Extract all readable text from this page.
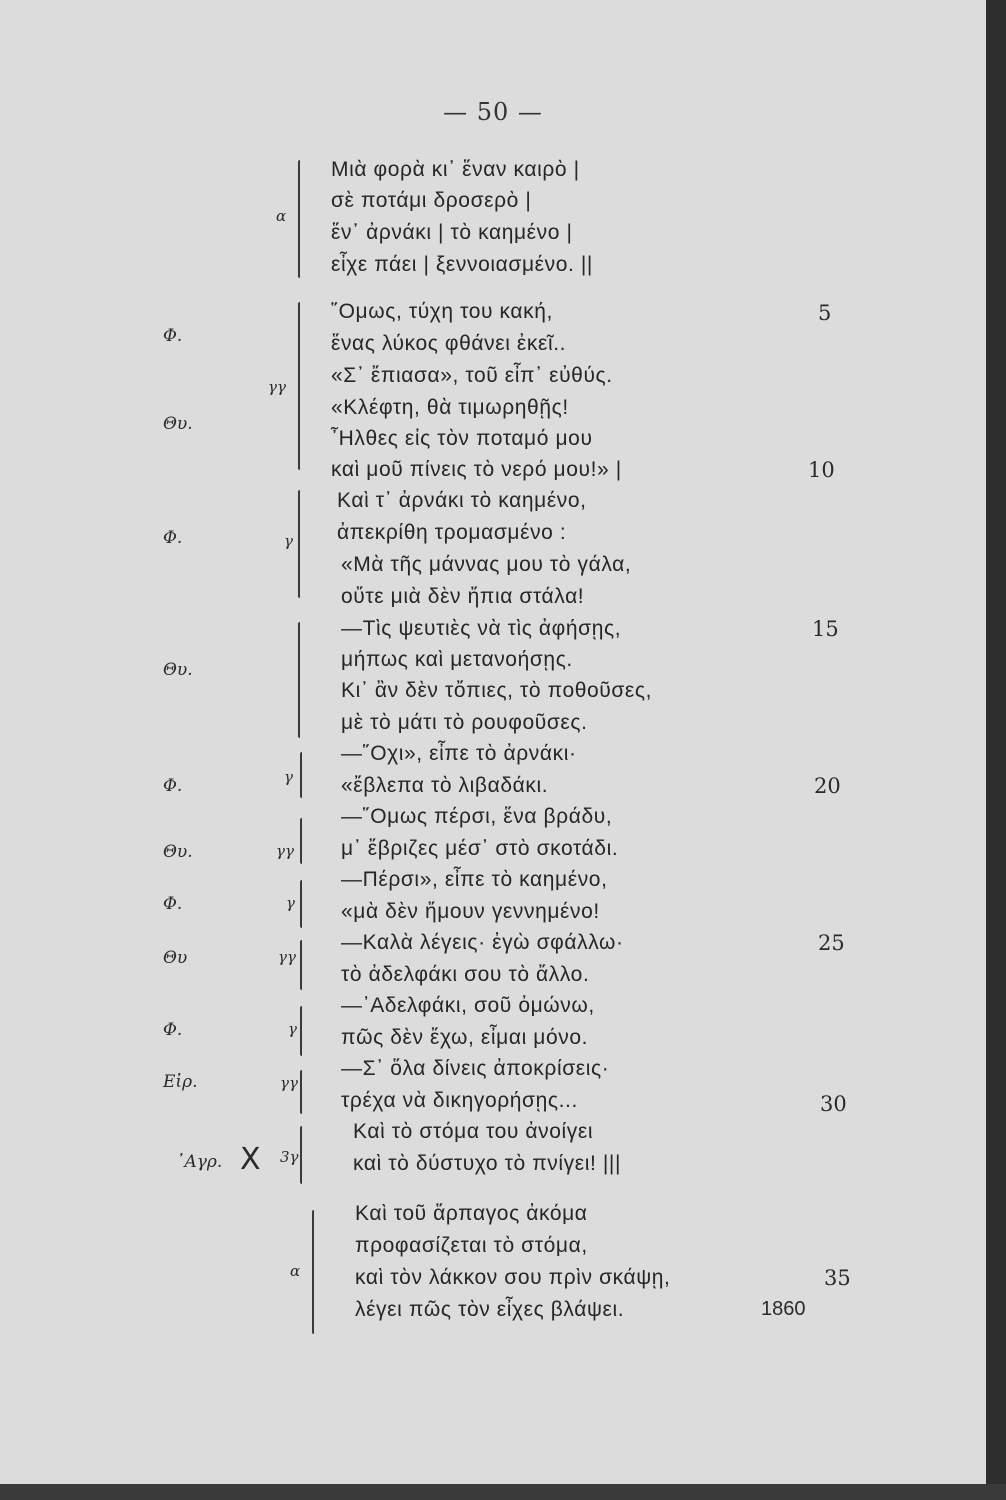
— 50 —
Μιὰ φορὰ κι᾽ ἕναν καιρὸ |
σὲ ποτάμι δροσερὸ |
ἕν᾽ ἀρνάκι | τὸ καημένο |
εἶχε πάει | ξεννοιασμένο. ||
῞Ομως, τύχη του κακή,
ἕνας λύκος φθάνει ἐκεῖ..
«Σ᾽ ἔπιασα», τοῦ εἶπ᾽ εὐθύς.
«Κλέφτη, θὰ τιμωρηθῇς!
῏Ηλθες εἰς τὸν ποταμό μου
καὶ μοῦ πίνεις τὸ νερό μου!» |
Καὶ τ᾽ ἀρνάκι τὸ καημένο,
ἀπεκρίθη τρομασμένο :
«Μὰ τῆς μάννας μου τὸ γάλα,
οὔτε μιὰ δὲν ἤπια στάλα!
—Τὶς ψευτιὲς νὰ τὶς ἀφήσῃς,
μήπως καὶ μετανοήσῃς.
Κι᾽ ἂν δὲν τὄπιες, τὸ ποθοῦσες,
μὲ τὸ μάτι τὸ ρουφοῦσες.
—῞Οχι», εἶπε τὸ ἀρνάκι·
«ἔβλεπα τὸ λιβαδάκι.
—῞Ομως πέρσι, ἕνα βράδυ,
μ᾽ ἔβριζες μέσ᾽ στὸ σκοτάδι.
—Πέρσι», εἶπε τὸ καημένο,
«μὰ δὲν ἤμουν γεννημένο!
—Καλὰ λέγεις· ἐγὼ σφάλλω·
τὸ ἀδελφάκι σου τὸ ἄλλο.
—᾽Αδελφάκι, σοῦ ὀμώνω,
πῶς δὲν ἔχω, εἶμαι μόνο.
—Σ᾽ ὅλα δίνεις ἀποκρίσεις·
τρέχα νὰ δικηγορήσῃς...
Καὶ τὸ στόμα του ἀνοίγει
καὶ τὸ δύστυχο τὸ πνίγει! |||
Καὶ τοῦ ἅρπαγος ἀκόμα
προφασίζεται τὸ στόμα,
καὶ τὸν λάκκον σου πρὶν σκάψῃ,
λέγει πῶς τὸν εἶχες βλάψει.
5
10
15
20
25
30
35
1860
Φ.
Θυ.
Φ.
Θυ.
Φ.
Θυ.
Φ.
Θυ
Φ.
Εἰρ.
᾽Αγρ.
α
γγ
γ
γ
γγ
γ
γγ
γ
γγ
3γ
α
X
